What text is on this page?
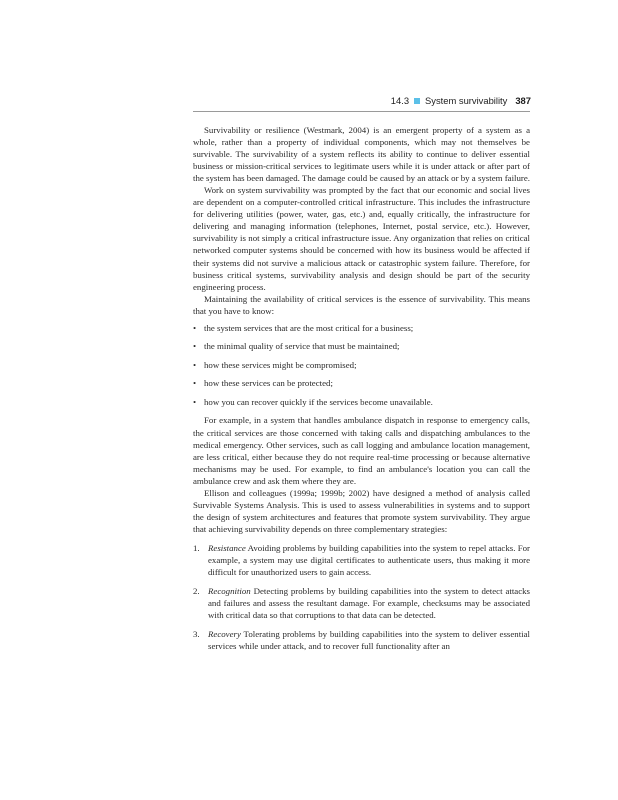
14.3 System survivability 387

Survivability or resilience (Westmark, 2004) is an emergent property of a system as a whole, rather than a property of individual components, which may not themselves be survivable. The survivability of a system reflects its ability to continue to deliver essential business or mission-critical services to legitimate users while it is under attack or after part of the system has been damaged. The damage could be caused by an attack or by a system failure.

Work on system survivability was prompted by the fact that our economic and social lives are dependent on a computer-controlled critical infrastructure. This includes the infrastructure for delivering utilities (power, water, gas, etc.) and, equally critically, the infrastructure for delivering and managing information (telephones, Internet, postal service, etc.). However, survivability is not simply a critical infrastructure issue. Any organization that relies on critical networked computer systems should be concerned with how its business would be affected if their systems did not survive a malicious attack or catastrophic system failure. Therefore, for business critical systems, survivability analysis and design should be part of the security engineering process.

Maintaining the availability of critical services is the essence of survivability. This means that you have to know:

• the system services that are the most critical for a business;
• the minimal quality of service that must be maintained;
• how these services might be compromised;
• how these services can be protected;
• how you can recover quickly if the services become unavailable.

For example, in a system that handles ambulance dispatch in response to emergency calls, the critical services are those concerned with taking calls and dispatching ambulances to the medical emergency. Other services, such as call logging and ambulance location management, are less critical, either because they do not require real-time processing or because alternative mechanisms may be used. For example, to find an ambulance's location you can call the ambulance crew and ask them where they are.

Ellison and colleagues (1999a; 1999b; 2002) have designed a method of analysis called Survivable Systems Analysis. This is used to assess vulnerabilities in systems and to support the design of system architectures and features that promote system survivability. They argue that achieving survivability depends on three complementary strategies:

1. Resistance Avoiding problems by building capabilities into the system to repel attacks. For example, a system may use digital certificates to authenticate users, thus making it more difficult for unauthorized users to gain access.
2. Recognition Detecting problems by building capabilities into the system to detect attacks and failures and assess the resultant damage. For example, checksums may be associated with critical data so that corruptions to that data can be detected.
3. Recovery Tolerating problems by building capabilities into the system to deliver essential services while under attack, and to recover full functionality after an
